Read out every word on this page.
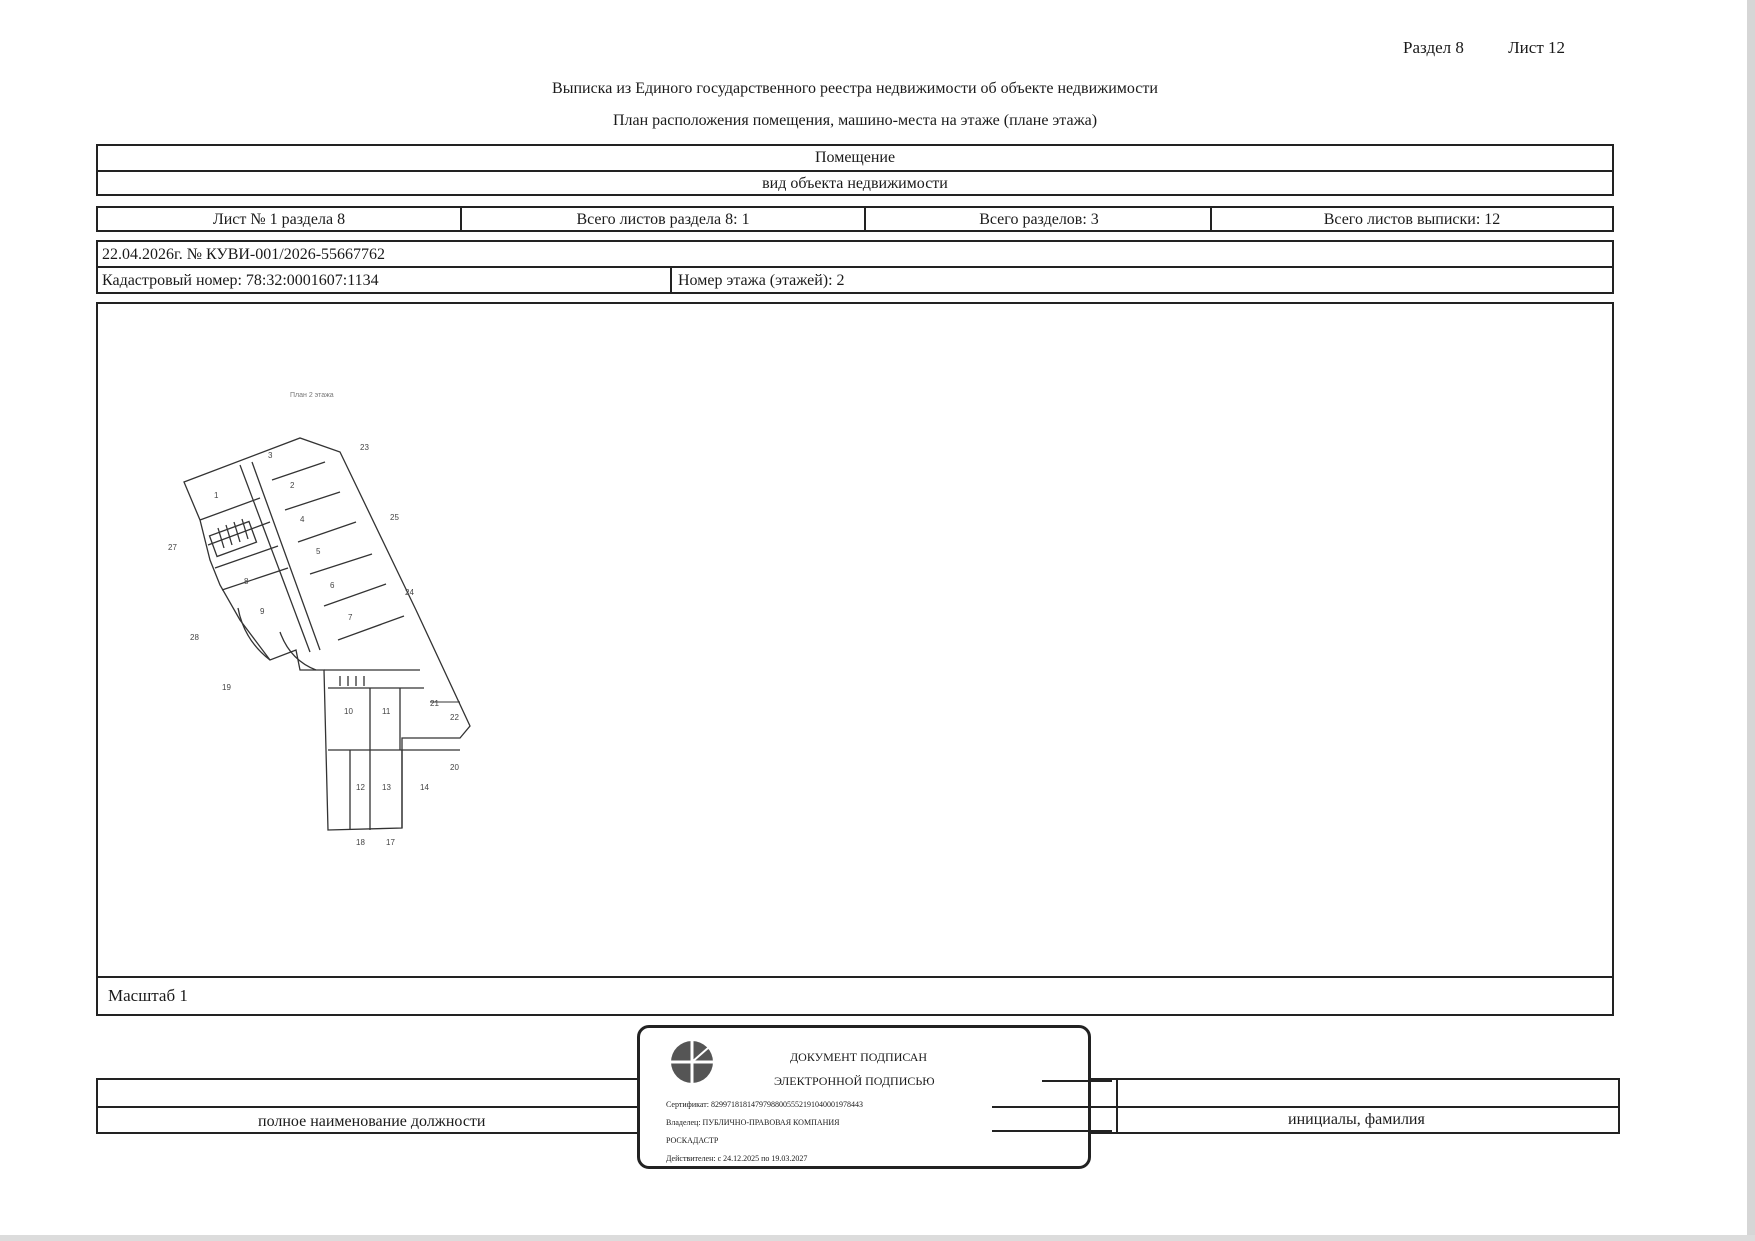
Раздел 8	Лист 12
Выписка из Единого государственного реестра недвижимости об объекте недвижимости
План расположения помещения, машино-места на этаже (плане этажа)
Помещение
вид объекта недвижимости
Лист № 1 раздела 8	Всего листов раздела 8: 1	Всего разделов: 3	Всего листов выписки: 12
22.04.2026г. № КУВИ-001/2026-55667762
Кадастровый номер: 78:32:0001607:1134	Номер этажа (этажей): 2
Масштаб 1
План 2 этажа
3
2
4
5
6
7
1
8
9
10	11
12 13	14
23
25
24
22
20
27
28
19
18	17
21
полное наименование должности	инициалы, фамилия
ДОКУМЕНТ ПОДПИСАН
ЭЛЕКТРОННОЙ ПОДПИСЬЮ
Сертификат: 8299718181479798800555219104000197844З
Владелец: ПУБЛИЧНО-ПРАВОВАЯ КОМПАНИЯ
РОСКАДАСТР
Действителен: с 24.12.2025 по 19.03.2027
